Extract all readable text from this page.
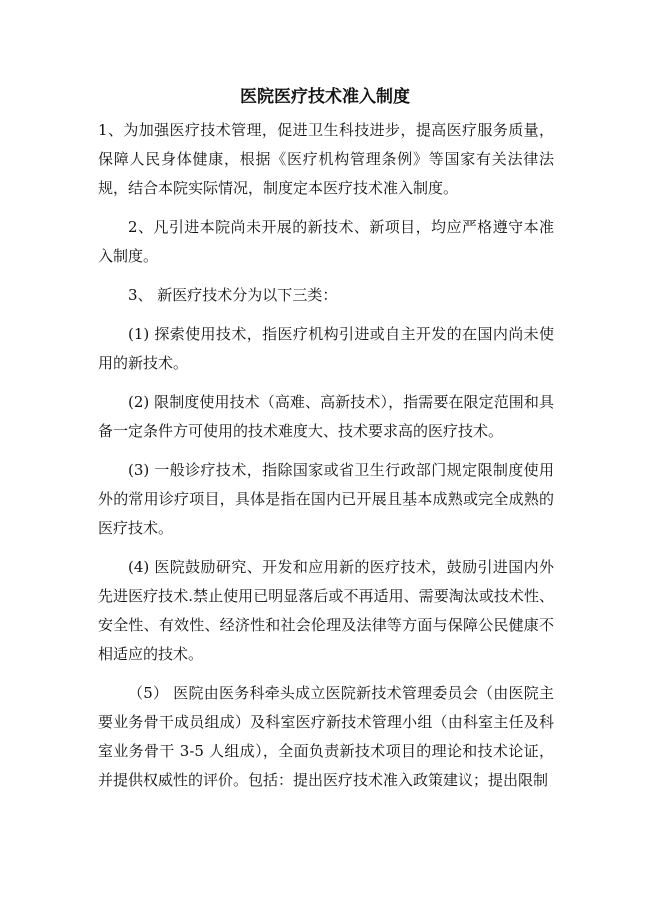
医院医疗技术准入制度

1、为加强医疗技术管理，促进卫生科技进步，提高医疗服务质量，保障人民身体健康，根据《医疗机构管理条例》等国家有关法律法规，结合本院实际情况，制度定本医疗技术准入制度。

2、凡引进本院尚未开展的新技术、新项目，均应严格遵守本准入制度。

3、 新医疗技术分为以下三类：

(1) 探索使用技术，指医疗机构引进或自主开发的在国内尚未使用的新技术。

(2) 限制度使用技术（高难、高新技术），指需要在限定范围和具备一定条件方可使用的技术难度大、技术要求高的医疗技术。

(3) 一般诊疗技术，指除国家或省卫生行政部门规定限制度使用外的常用诊疗项目，具体是指在国内已开展且基本成熟或完全成熟的医疗技术。

(4) 医院鼓励研究、开发和应用新的医疗技术，鼓励引进国内外先进医疗技术.禁止使用已明显落后或不再适用、需要淘汰或技术性、安全性、有效性、经济性和社会伦理及法律等方面与保障公民健康不相适应的技术。

（5） 医院由医务科牵头成立医院新技术管理委员会（由医院主要业务骨干成员组成）及科室医疗新技术管理小组（由科室主任及科室业务骨干 3-5 人组成），全面负责新技术项目的理论和技术论证，并提供权威性的评价。包括：提出医疗技术准入政策建议；提出限制
